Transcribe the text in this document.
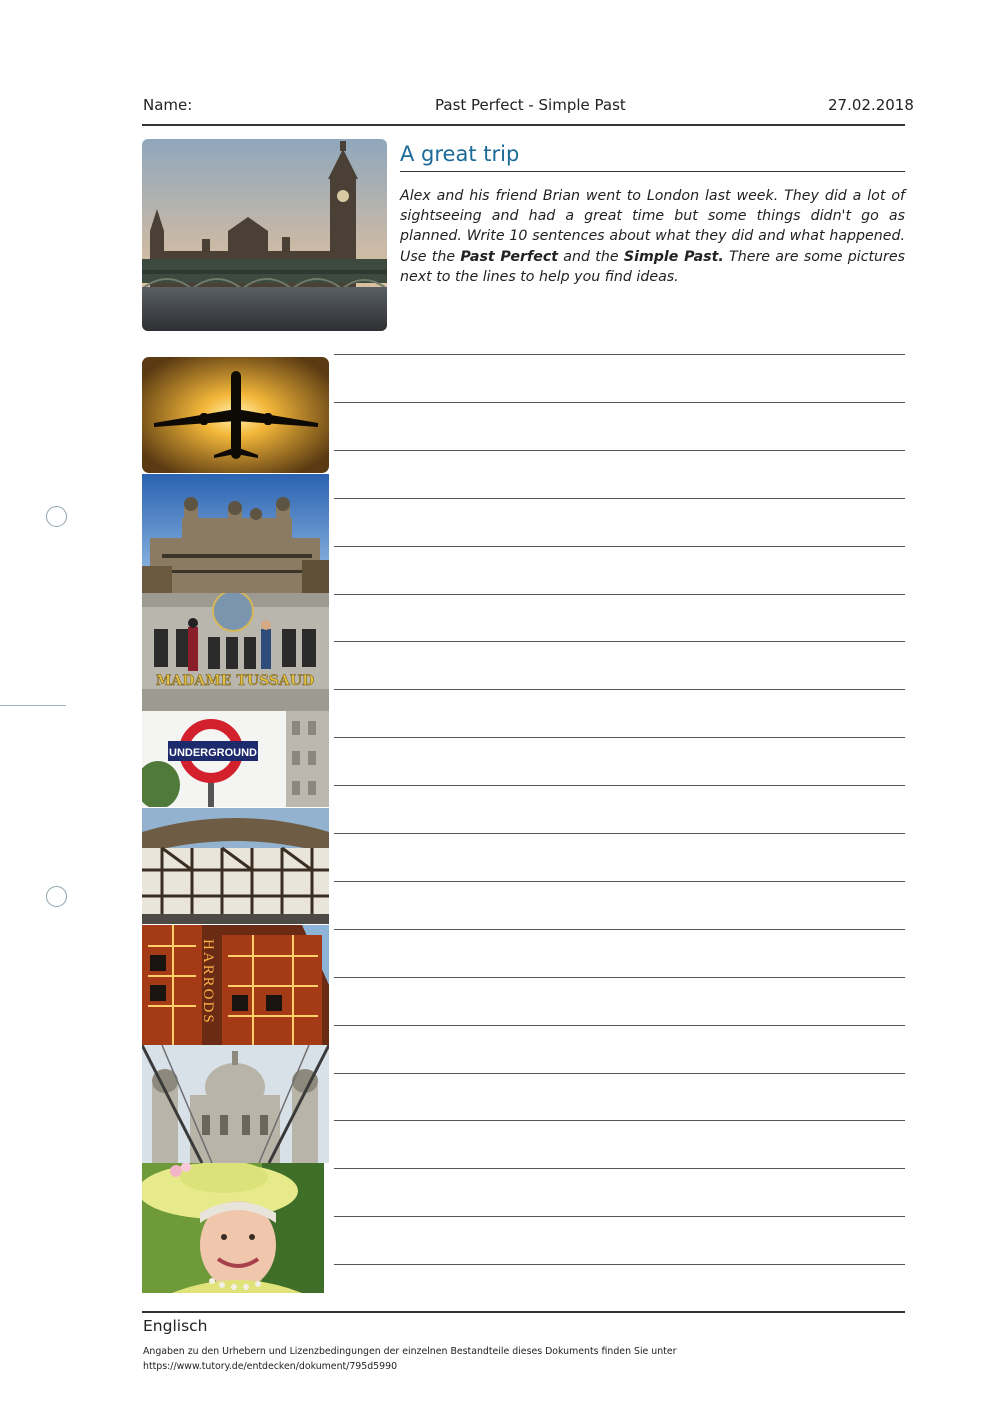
Name:	Past Perfect - Simple Past	27.02.2018
A great trip
Alex and his friend Brian went to London last week. They did a lot of sightseeing and had a great time but some things didn't go as planned. Write 10 sentences about what they did and what happened. Use the Past Perfect and the Simple Past. There are some pictures next to the lines to help you find ideas.
MADAME TUSSAUD
UNDERGROUND
HARRODS
Englisch
Angaben zu den Urhebern und Lizenzbedingungen der einzelnen Bestandteile dieses Dokuments finden Sie unter
https://www.tutory.de/entdecken/dokument/795d5990
